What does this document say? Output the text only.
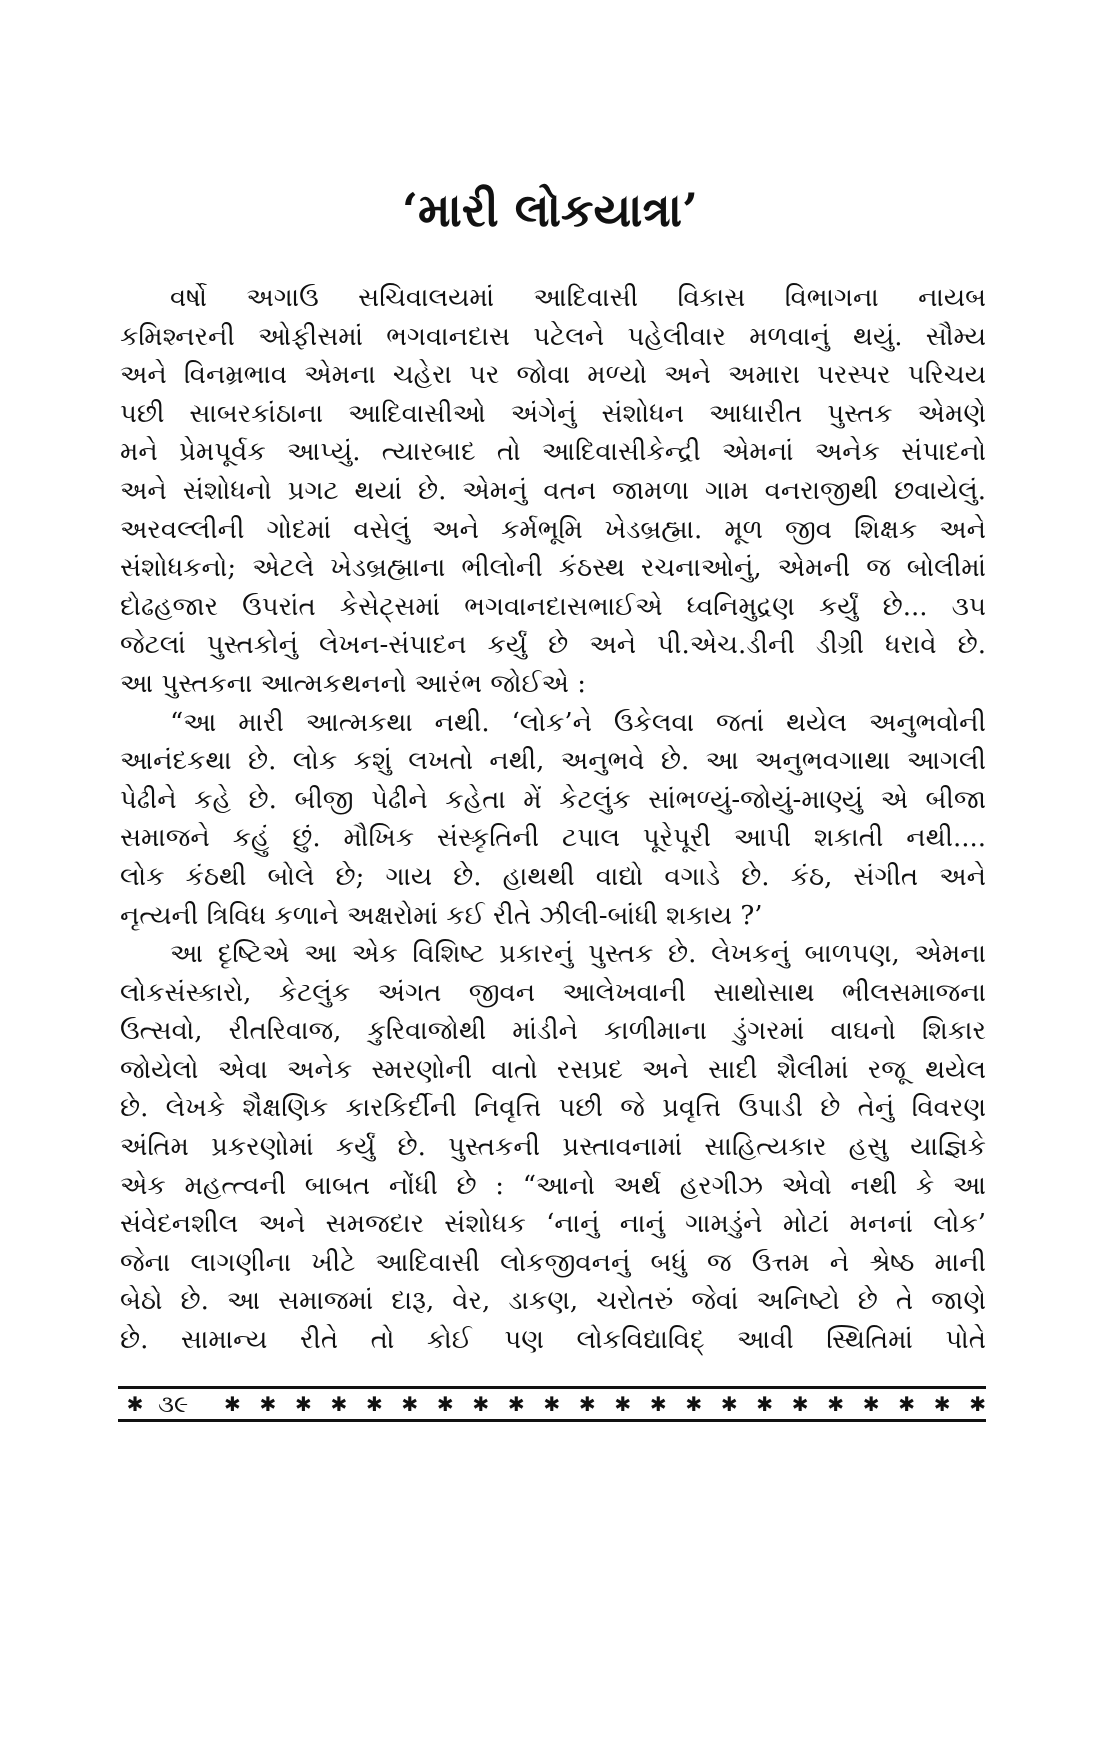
‘મારી લોકયાત્રા’
વર્ષો અગાઉ સચિવાલયમાં આદિવાસી વિકાસ વિભાગના નાયબ
કમિશ્નરની ઓફીસમાં ભગવાનદાસ પટેલને પહેલીવાર મળવાનું થયું. સૌમ્ય
અને વિનમ્રભાવ એમના ચહેરા પર જોવા મળ્યો અને અમારા પરસ્પર પરિચય
પછી સાબરકાંઠાના આદિવાસીઓ અંગેનું સંશોધન આધારીત પુસ્તક એમણે
મને પ્રેમપૂર્વક આપ્યું. ત્યારબાદ તો આદિવાસીકેન્દ્રી એમનાં અનેક સંપાદનો
અને સંશોધનો પ્રગટ થયાં છે. એમનું વતન જામળા ગામ વનરાજીથી છવાયેલું.
અરવલ્લીની ગોદમાં વસેલું અને કર્મભૂમિ ખેડબ્રહ્મા. મૂળ જીવ શિક્ષક અને
સંશોધકનો; એટલે ખેડબ્રહ્માના ભીલોની કંઠસ્થ રચનાઓનું, એમની જ બોલીમાં
દોઢહજાર ઉપરાંત કેસેટ્સમાં ભગવાનદાસભાઈએ ધ્વનિમુદ્રણ કર્યું છે... ૩૫
જેટલાં પુસ્તકોનું લેખન-સંપાદન કર્યું છે અને પી.એચ.ડીની ડીગ્રી ધરાવે છે.
આ પુસ્તકના આત્મકથનનો આરંભ જોઈએ :
“આ મારી આત્મકથા નથી. ‘લોક’ને ઉકેલવા જતાં થયેલ અનુભવોની
આનંદકથા છે. લોક કશું લખતો નથી, અનુભવે છે. આ અનુભવગાથા આગલી
પેઢીને કહે છે. બીજી પેઢીને કહેતા મેં કેટલુંક સાંભળ્યું-જોયું-માણ્યું એ બીજા
સમાજને કહું છું. મૌખિક સંસ્કૃતિની ટપાલ પૂરેપૂરી આપી શકાતી નથી....
લોક કંઠથી બોલે છે; ગાય છે. હાથથી વાદ્યો વગાડે છે. કંઠ, સંગીત અને
નૃત્યની ત્રિવિધ કળાને અક્ષરોમાં કઈ રીતે ઝીલી-બાંધી શકાય ?’
આ દૃષ્ટિએ આ એક વિશિષ્ટ પ્રકારનું પુસ્તક છે. લેખકનું બાળપણ, એમના
લોકસંસ્કારો, કેટલુંક અંગત જીવન આલેખવાની સાથોસાથ ભીલસમાજના
ઉત્સવો, રીતરિવાજ, કુરિવાજોથી માંડીને કાળીમાના ડુંગરમાં વાઘનો શિકાર
જોયેલો એવા અનેક સ્મરણોની વાતો રસપ્રદ અને સાદી શૈલીમાં રજૂ થયેલ
છે. લેખકે શૈક્ષણિક કારકિર્દીની નિવૃત્તિ પછી જે પ્રવૃત્તિ ઉપાડી છે તેનું વિવરણ
અંતિમ પ્રકરણોમાં કર્યું છે. પુસ્તકની પ્રસ્તાવનામાં સાહિત્યકાર હસુ યાજ્ઞિકે
એક મહત્ત્વની બાબત નોંધી છે : “આનો અર્થ હરગીઝ એવો નથી કે આ
સંવેદનશીલ અને સમજદાર સંશોધક ‘નાનું નાનું ગામડુંને મોટાં મનનાં લોક’
જેના લાગણીના ખીટે આદિવાસી લોકજીવનનું બધું જ ઉત્તમ ને શ્રેષ્ઠ માની
બેઠો છે. આ સમાજમાં દારૂ, વેર, ડાકણ, ચરોતરું જેવાં અનિષ્ટો છે તે જાણે
છે. સામાન્ય રીતે તો કોઈ પણ લોકવિદ્યાવિદ્ આવી સ્થિતિમાં પોતે
✱ ૩૯	✱ ✱ ✱ ✱ ✱ ✱ ✱ ✱ ✱ ✱ ✱ ✱ ✱ ✱ ✱ ✱ ✱ ✱ ✱ ✱ ✱ ✱
